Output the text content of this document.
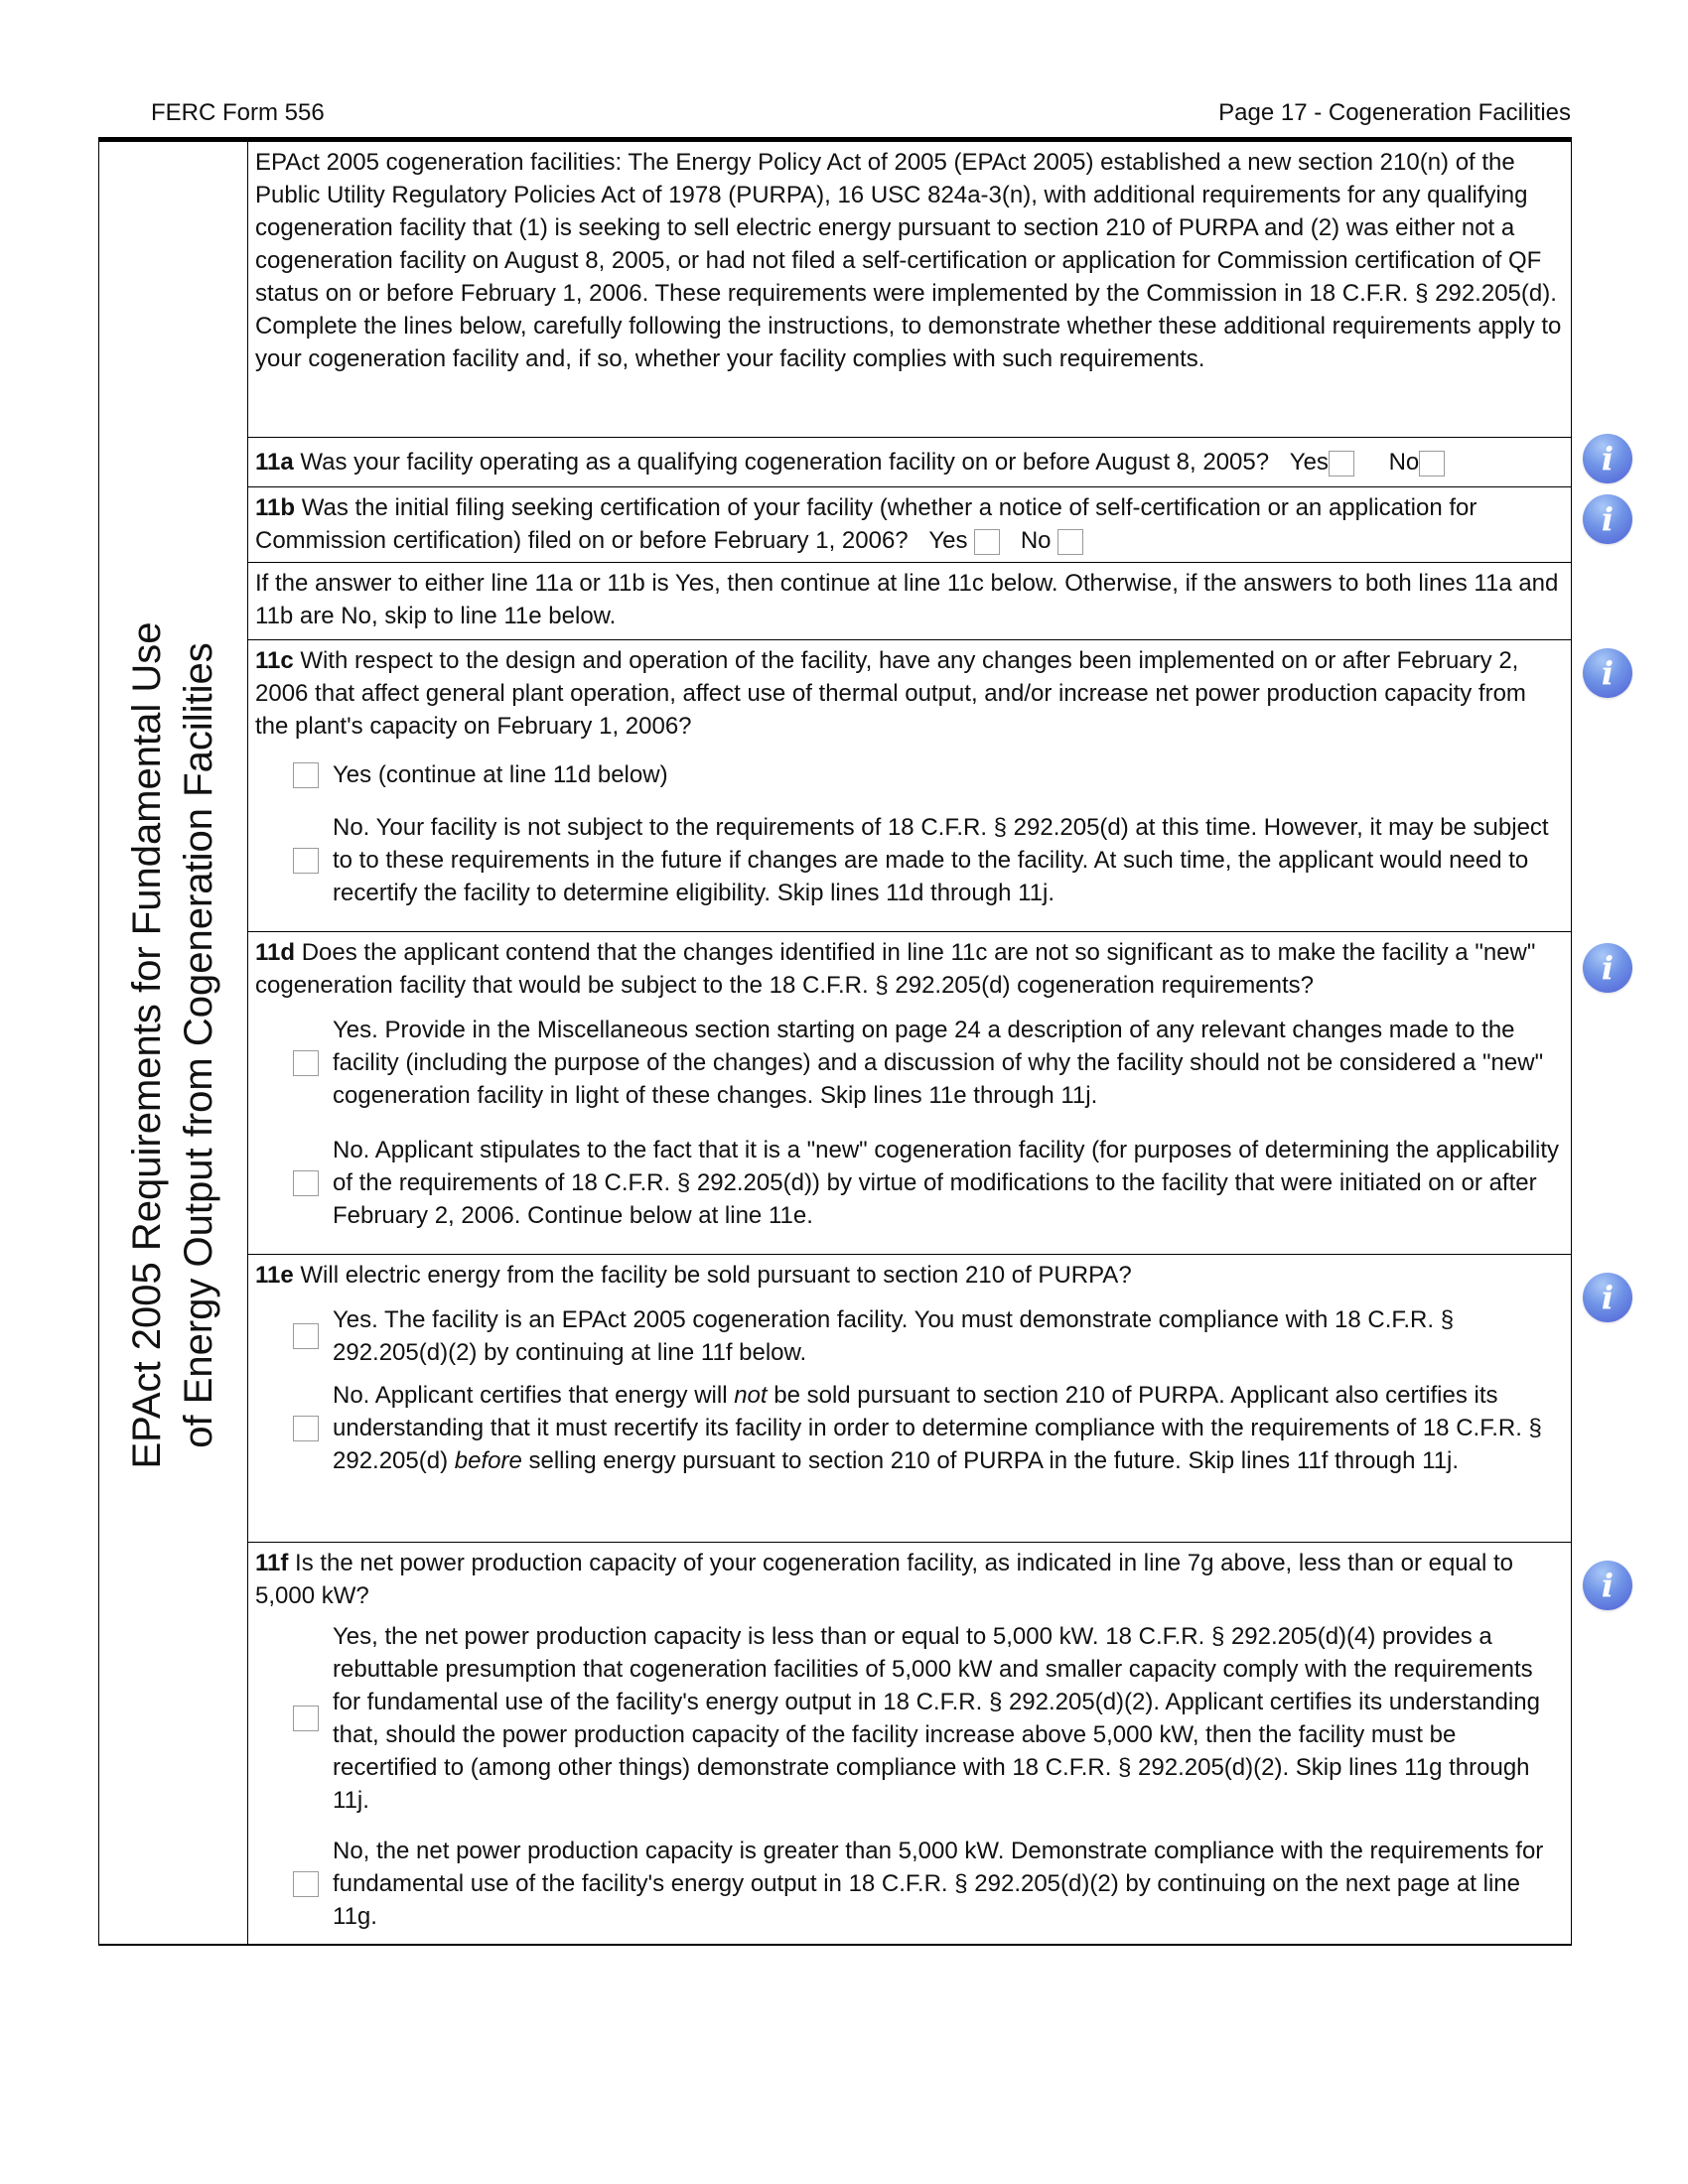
FERC Form 556	Page 17 - Cogeneration Facilities
EPAct 2005 Requirements for Fundamental Use of Energy Output from Cogeneration Facilities
EPAct 2005 cogeneration facilities: The Energy Policy Act of 2005 (EPAct 2005) established a new section 210(n) of the Public Utility Regulatory Policies Act of 1978 (PURPA), 16 USC 824a-3(n), with additional requirements for any qualifying cogeneration facility that (1) is seeking to sell electric energy pursuant to section 210 of PURPA and (2) was either not a cogeneration facility on August 8, 2005, or had not filed a self-certification or application for Commission certification of QF status on or before February 1, 2006. These requirements were implemented by the Commission in 18 C.F.R. § 292.205(d). Complete the lines below, carefully following the instructions, to demonstrate whether these additional requirements apply to your cogeneration facility and, if so, whether your facility complies with such requirements.
11a Was your facility operating as a qualifying cogeneration facility on or before August 8, 2005? Yes	No
11b Was the initial filing seeking certification of your facility (whether a notice of self-certification or an application for Commission certification) filed on or before February 1, 2006? Yes No
If the answer to either line 11a or 11b is Yes, then continue at line 11c below. Otherwise, if the answers to both lines 11a and 11b are No, skip to line 11e below.
11c With respect to the design and operation of the facility, have any changes been implemented on or after February 2, 2006 that affect general plant operation, affect use of thermal output, and/or increase net power production capacity from the plant's capacity on February 1, 2006?
Yes (continue at line 11d below)
No. Your facility is not subject to the requirements of 18 C.F.R. § 292.205(d) at this time. However, it may be subject to to these requirements in the future if changes are made to the facility. At such time, the applicant would need to recertify the facility to determine eligibility. Skip lines 11d through 11j.
11d Does the applicant contend that the changes identified in line 11c are not so significant as to make the facility a "new" cogeneration facility that would be subject to the 18 C.F.R. § 292.205(d) cogeneration requirements?
Yes. Provide in the Miscellaneous section starting on page 24 a description of any relevant changes made to the facility (including the purpose of the changes) and a discussion of why the facility should not be considered a "new" cogeneration facility in light of these changes. Skip lines 11e through 11j.
No. Applicant stipulates to the fact that it is a "new" cogeneration facility (for purposes of determining the applicability of the requirements of 18 C.F.R. § 292.205(d)) by virtue of modifications to the facility that were initiated on or after February 2, 2006. Continue below at line 11e.
11e Will electric energy from the facility be sold pursuant to section 210 of PURPA?
Yes. The facility is an EPAct 2005 cogeneration facility. You must demonstrate compliance with 18 C.F.R. § 292.205(d)(2) by continuing at line 11f below.
No. Applicant certifies that energy will not be sold pursuant to section 210 of PURPA. Applicant also certifies its understanding that it must recertify its facility in order to determine compliance with the requirements of 18 C.F.R. § 292.205(d) before selling energy pursuant to section 210 of PURPA in the future. Skip lines 11f through 11j.
11f Is the net power production capacity of your cogeneration facility, as indicated in line 7g above, less than or equal to 5,000 kW?
Yes, the net power production capacity is less than or equal to 5,000 kW. 18 C.F.R. § 292.205(d)(4) provides a rebuttable presumption that cogeneration facilities of 5,000 kW and smaller capacity comply with the requirements for fundamental use of the facility's energy output in 18 C.F.R. § 292.205(d)(2). Applicant certifies its understanding that, should the power production capacity of the facility increase above 5,000 kW, then the facility must be recertified to (among other things) demonstrate compliance with 18 C.F.R. § 292.205(d)(2). Skip lines 11g through 11j.
No, the net power production capacity is greater than 5,000 kW. Demonstrate compliance with the requirements for fundamental use of the facility's energy output in 18 C.F.R. § 292.205(d)(2) by continuing on the next page at line 11g.
i
i
i
i
i
i
